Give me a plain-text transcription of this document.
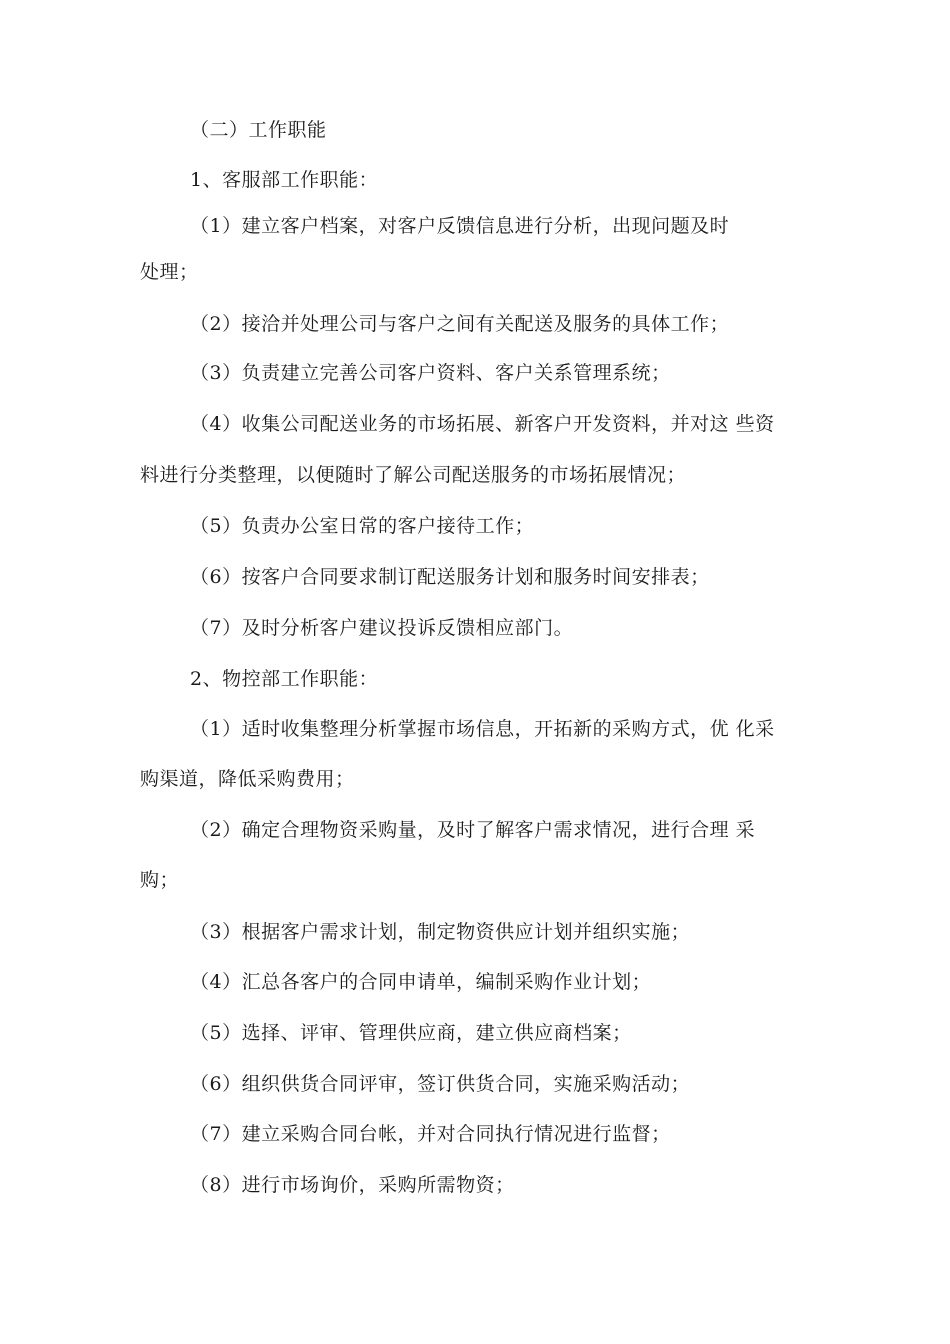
（二）工作职能
1、客服部工作职能：
（1）建立客户档案，对客户反馈信息进行分析，出现问题及时
处理；
（2）接洽并处理公司与客户之间有关配送及服务的具体工作；
（3）负责建立完善公司客户资料、客户关系管理系统；
（4）收集公司配送业务的市场拓展、新客户开发资料，并对这 些资
料进行分类整理，以便随时了解公司配送服务的市场拓展情况；
（5）负责办公室日常的客户接待工作；
（6）按客户合同要求制订配送服务计划和服务时间安排表；
（7）及时分析客户建议投诉反馈相应部门。
2、物控部工作职能：
（1）适时收集整理分析掌握市场信息，开拓新的采购方式，优 化采
购渠道，降低采购费用；
（2）确定合理物资采购量，及时了解客户需求情况，进行合理 采
购；
（3）根据客户需求计划，制定物资供应计划并组织实施；
（4）汇总各客户的合同申请单，编制采购作业计划；
（5）选择、评审、管理供应商，建立供应商档案；
（6）组织供货合同评审，签订供货合同，实施采购活动；
（7）建立采购合同台帐，并对合同执行情况进行监督；
（8）进行市场询价，采购所需物资；
